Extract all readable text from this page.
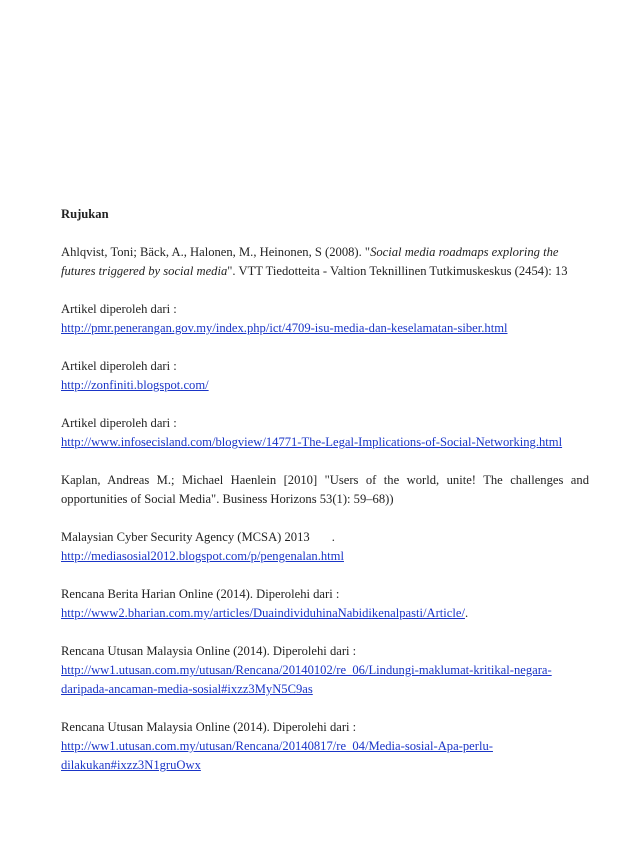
Rujukan
Ahlqvist, Toni; Bäck, A., Halonen, M., Heinonen, S (2008). "Social media roadmaps exploring the
futures triggered by social media". VTT Tiedotteita - Valtion Teknillinen Tutkimuskeskus (2454): 13
Artikel diperoleh dari :
http://pmr.penerangan.gov.my/index.php/ict/4709-isu-media-dan-keselamatan-siber.html
Artikel diperoleh dari :
http://zonfiniti.blogspot.com/
Artikel diperoleh dari :
http://www.infosecisland.com/blogview/14771-The-Legal-Implications-of-Social-Networking.html
Kaplan, Andreas M.; Michael Haenlein [2010] "Users of the world, unite! The challenges and
opportunities of Social Media". Business Horizons 53(1): 59–68))
Malaysian Cyber Security Agency (MCSA) 2013 .
http://mediasosial2012.blogspot.com/p/pengenalan.html
Rencana Berita Harian Online (2014). Diperolehi dari :
http://www2.bharian.com.my/articles/DuaindividuhinaNabidikenalpasti/Article/.
Rencana Utusan Malaysia Online (2014). Diperolehi dari :
http://ww1.utusan.com.my/utusan/Rencana/20140102/re_06/Lindungi-maklumat-kritikal-negara-
daripada-ancaman-media-sosial#ixzz3MyN5C9as
Rencana Utusan Malaysia Online (2014). Diperolehi dari :
http://ww1.utusan.com.my/utusan/Rencana/20140817/re_04/Media-sosial-Apa-perlu-
dilakukan#ixzz3N1gruOwx
